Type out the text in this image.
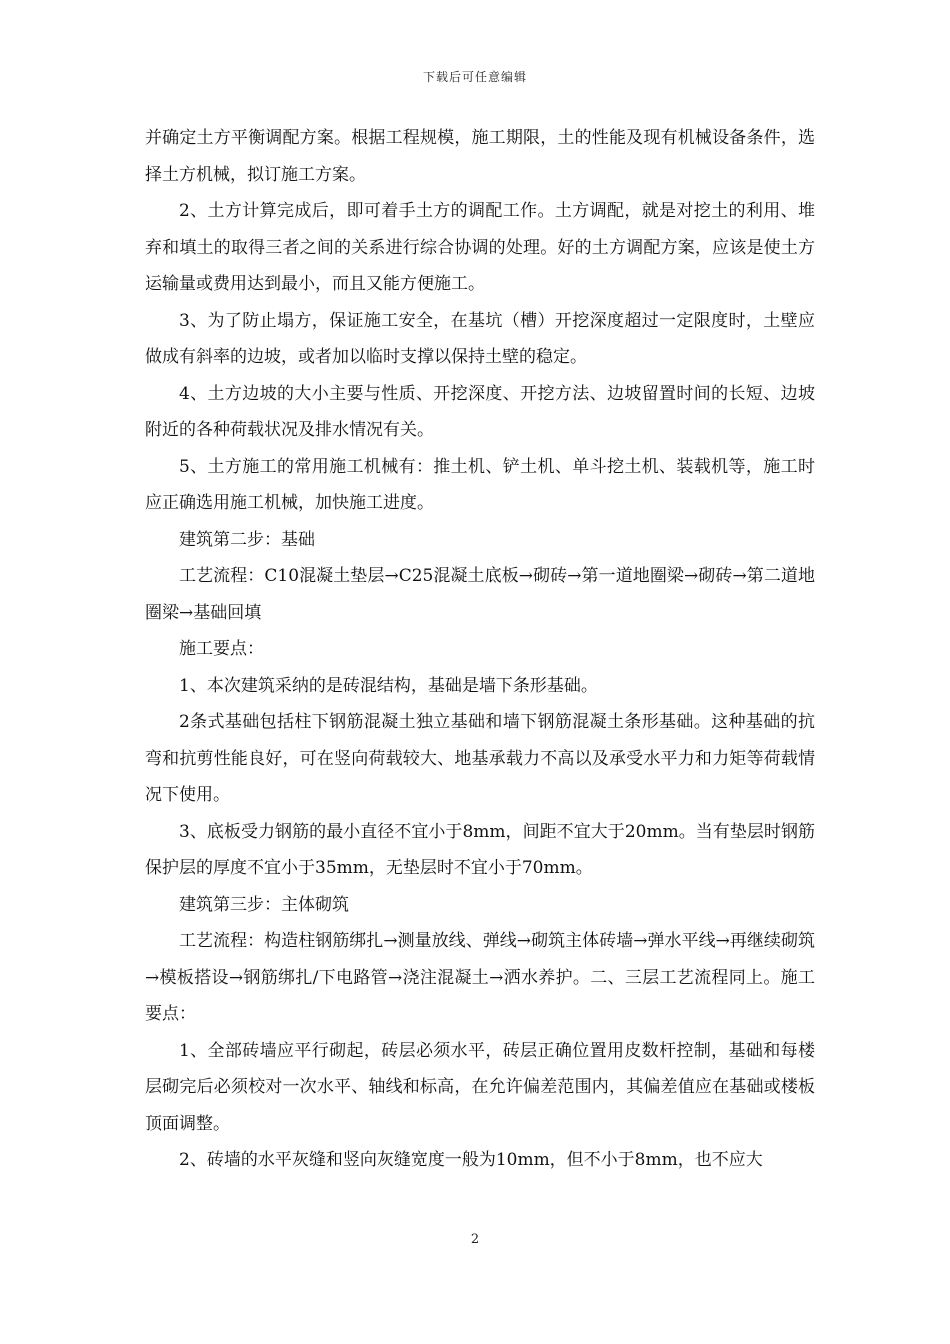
下载后可任意编辑

并确定土方平衡调配方案。根据工程规模，施工期限，土的性能及现有机械设备条件，选择土方机械，拟订施工方案。

2、土方计算完成后，即可着手土方的调配工作。土方调配，就是对挖土的利用、堆弃和填土的取得三者之间的关系进行综合协调的处理。好的土方调配方案，应该是使土方运输量或费用达到最小，而且又能方便施工。

3、为了防止塌方，保证施工安全，在基坑（槽）开挖深度超过一定限度时，土壁应做成有斜率的边坡，或者加以临时支撑以保持土壁的稳定。

4、土方边坡的大小主要与性质、开挖深度、开挖方法、边坡留置时间的长短、边坡附近的各种荷载状况及排水情况有关。

5、土方施工的常用施工机械有：推土机、铲土机、单斗挖土机、装载机等，施工时应正确选用施工机械，加快施工进度。

建筑第二步：基础

工艺流程：C10混凝土垫层→C25混凝土底板→砌砖→第一道地圈梁→砌砖→第二道地圈梁→基础回填

施工要点：

1、本次建筑采纳的是砖混结构，基础是墙下条形基础。

2条式基础包括柱下钢筋混凝土独立基础和墙下钢筋混凝土条形基础。这种基础的抗弯和抗剪性能良好，可在竖向荷载较大、地基承载力不高以及承受水平力和力矩等荷载情况下使用。

3、底板受力钢筋的最小直径不宜小于8mm，间距不宜大于20mm。当有垫层时钢筋保护层的厚度不宜小于35mm，无垫层时不宜小于70mm。

建筑第三步：主体砌筑

工艺流程：构造柱钢筋绑扎→测量放线、弹线→砌筑主体砖墙→弹水平线→再继续砌筑→模板搭设→钢筋绑扎/下电路管→浇注混凝土→洒水养护。二、三层工艺流程同上。施工要点：

1、全部砖墙应平行砌起，砖层必须水平，砖层正确位置用皮数杆控制，基础和每楼层砌完后必须校对一次水平、轴线和标高，在允许偏差范围内，其偏差值应在基础或楼板顶面调整。

2、砖墙的水平灰缝和竖向灰缝宽度一般为10mm，但不小于8mm，也不应大

2
